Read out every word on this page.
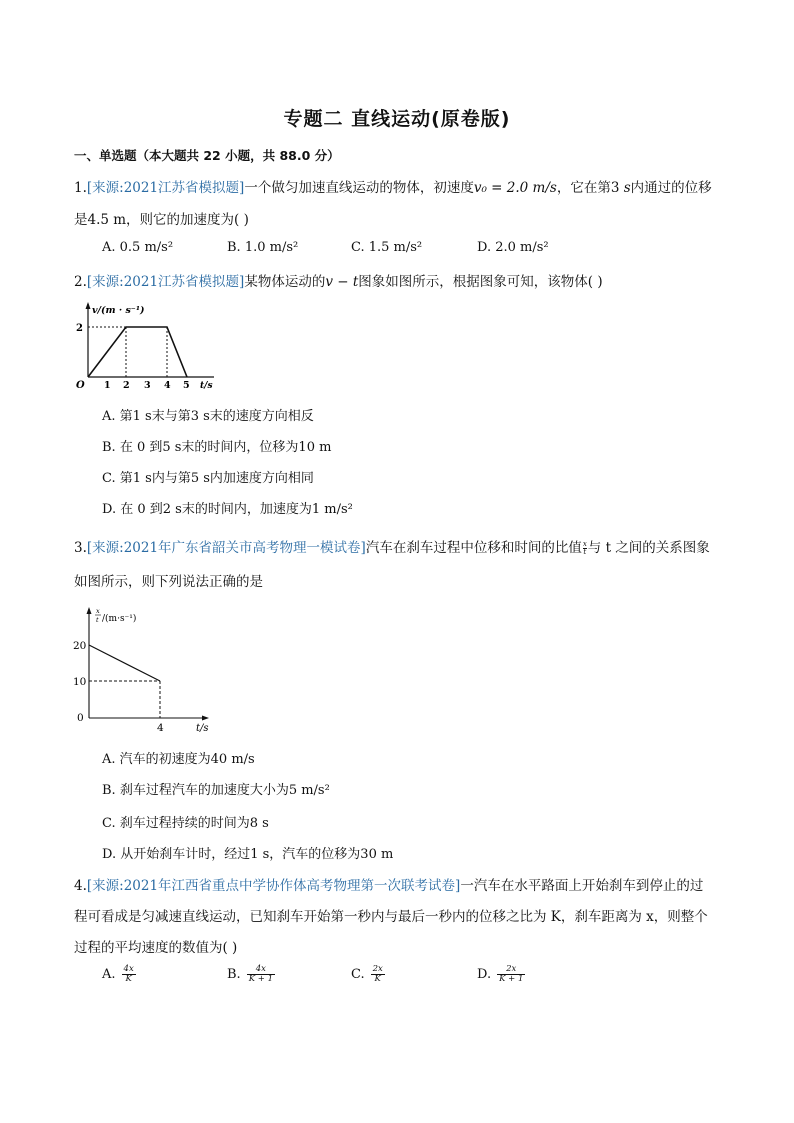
专题二 直线运动(原卷版)
一、单选题（本大题共 22 小题，共 88.0 分）
1.[来源:2021江苏省模拟题]一个做匀加速直线运动的物体，初速度v₀ = 2.0 m/s，它在第3 s内通过的位移
是4.5 m，则它的加速度为( )
A. 0.5 m/s²	B. 1.0 m/s²	C. 1.5 m/s²	D. 2.0 m/s²
2.[来源:2021江苏省模拟题]某物体运动的v − t图象如图所示，根据图象可知，该物体( )
v/(m · s⁻¹)
2
O 1 2 3 4 5 t/s
A. 第1 s末与第3 s末的速度方向相反
B. 在 0 到5 s末的时间内，位移为10 m
C. 第1 s内与第5 s内加速度方向相同
D. 在 0 到2 s末的时间内，加速度为1 m/s²
3.[来源:2021年广东省韶关市高考物理一模试卷]汽车在刹车过程中位移和时间的比值 $\frac{x}{t}$ 与 t 之间的关系图象
如图所示，则下列说法正确的是
x
t /(m·s⁻¹)
20
10
0
4	t/s
A. 汽车的初速度为40 m/s
B. 刹车过程汽车的加速度大小为5 m/s²
C. 刹车过程持续的时间为8 s
D. 从开始刹车计时，经过1 s，汽车的位移为30 m
4.[来源:2021年江西省重点中学协作体高考物理第一次联考试卷]一汽车在水平路面上开始刹车到停止的过
程可看成是匀减速直线运动，已知刹车开始第一秒内与最后一秒内的位移之比为 K，刹车距离为 x，则整个
过程的平均速度的数值为( )
A. $\frac{4x}{K}$	B. $\frac{4x}{K + 1}$	C. $\frac{2x}{K}$	D. $\frac{2x}{K + 1}$
